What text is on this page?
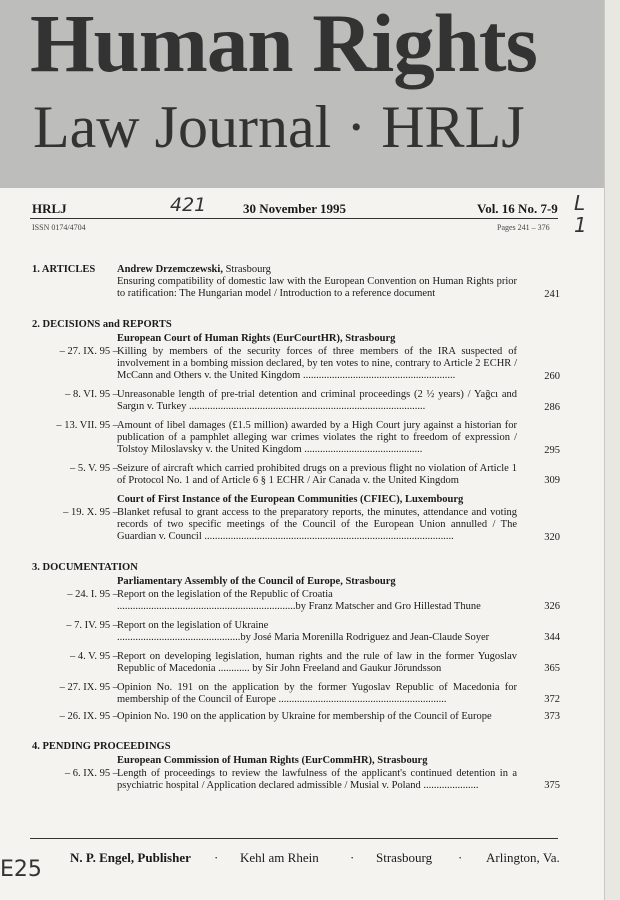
Human Rights
Law Journal · HRLJ
HRLJ	421	30 November 1995	Vol. 16 No. 7-9 L 1
ISSN 0174/4704	Pages 241 – 376
1. ARTICLES Andrew Drzemczewski, Strasbourg
Ensuring compatibility of domestic law with the European Convention on Human Rights prior to ratification: The Hungarian model / Introduction to a reference document	241
2. DECISIONS and REPORTS
European Court of Human Rights (EurCourtHR), Strasbourg
– 27. IX. 95 – Killing by members of the security forces of three members of the IRA suspected of involvement in a bombing mission declared, by ten votes to nine, contrary to Article 2 ECHR / McCann and Others v. the United Kingdom ..........................................................	260
– 8. VI. 95 – Unreasonable length of pre-trial detention and criminal proceedings (2 ½ years) / Yağcı and Sargın v. Turkey ..........................................................................................	286
– 13. VII. 95 – Amount of libel damages (£1.5 million) awarded by a High Court jury against a historian for publication of a pamphlet alleging war crimes violates the right to freedom of expression / Tolstoy Miloslavsky v. the United Kingdom .............................................	295
– 5. V. 95 – Seizure of aircraft which carried prohibited drugs on a previous flight no violation of Article 1 of Protocol No. 1 and of Article 6 § 1 ECHR / Air Canada v. the United Kingdom	309
Court of First Instance of the European Communities (CFIEC), Luxembourg
– 19. X. 95 – Blanket refusal to grant access to the preparatory reports, the minutes, attendance and voting records of two specific meetings of the Council of the European Union annulled / The Guardian v. Council ...............................................................................................	320
3. DOCUMENTATION
Parliamentary Assembly of the Council of Europe, Strasbourg
– 24. I. 95 – Report on the legislation of the Republic of Croatia
....................................................................by Franz Matscher and Gro Hillestad Thune	326
– 7. IV. 95 – Report on the legislation of Ukraine
...............................................by José Maria Morenilla Rodriguez and Jean-Claude Soyer	344
– 4. V. 95 – Report on developing legislation, human rights and the rule of law in the former Yugoslav Republic of Macedonia ............ by Sir John Freeland and Gaukur Jörundsson	365
– 27. IX. 95 – Opinion No. 191 on the application by the former Yugoslav Republic of Macedonia for membership of the Council of Europe ................................................................	372
– 26. IX. 95 – Opinion No. 190 on the application by Ukraine for membership of the Council of Europe	373
4. PENDING PROCEEDINGS
European Commission of Human Rights (EurCommHR), Strasbourg
– 6. IX. 95 – Length of proceedings to review the lawfulness of the applicant's continued detention in a psychiatric hospital / Application declared admissible / Musial v. Poland .....................	375
N. P. Engel, Publisher · Kehl am Rhein · Strasbourg · Arlington, Va.
E25
